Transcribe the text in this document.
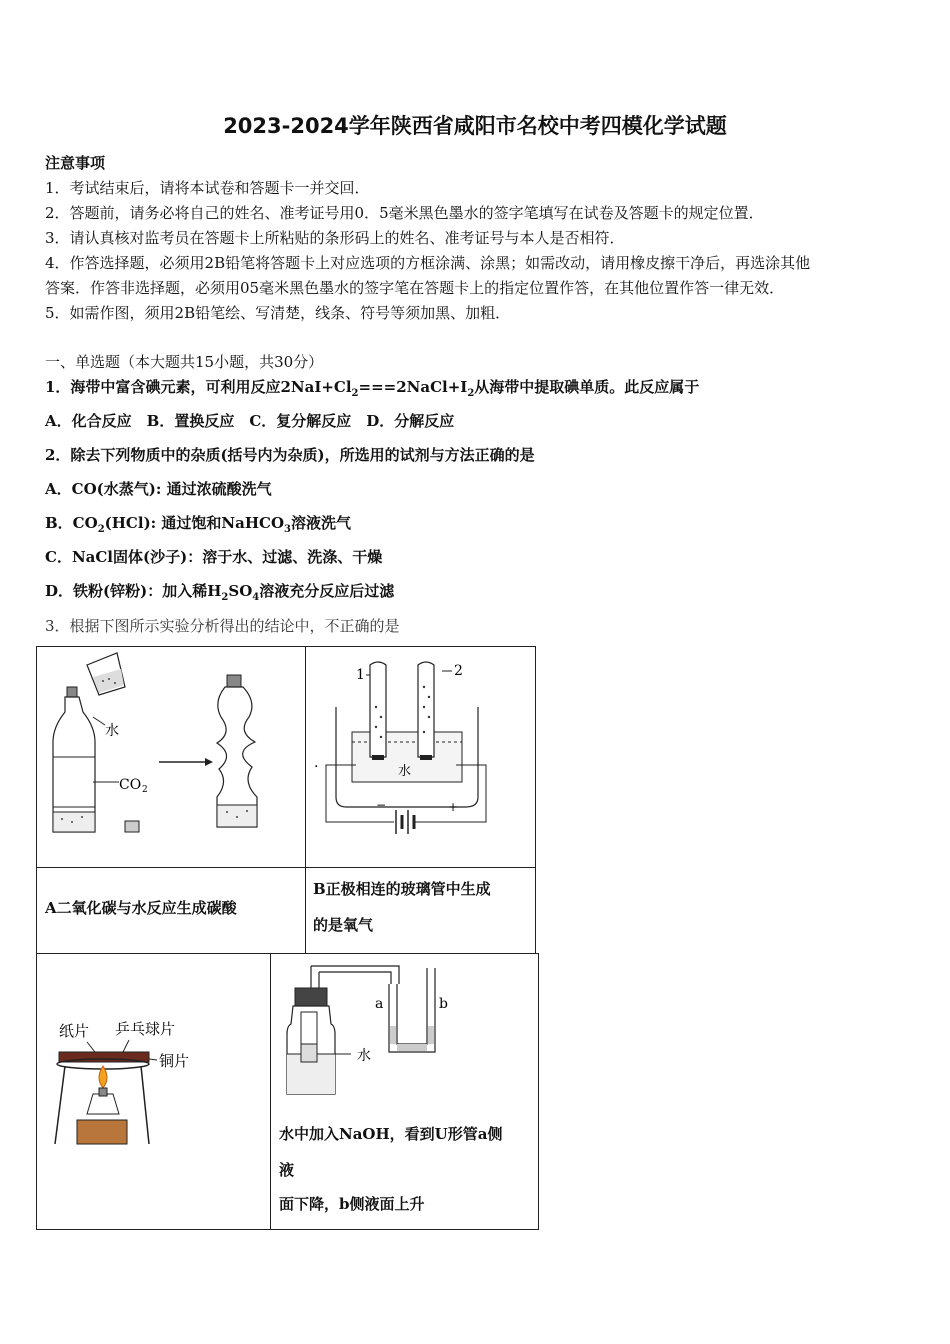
2023-2024学年陕西省咸阳市名校中考四模化学试题
注意事项
1．考试结束后，请将本试卷和答题卡一并交回．
2．答题前，请务必将自己的姓名、准考证号用0．5毫米黑色墨水的签字笔填写在试卷及答题卡的规定位置．
3．请认真核对监考员在答题卡上所粘贴的条形码上的姓名、准考证号与本人是否相符．
4．作答选择题，必须用2B铅笔将答题卡上对应选项的方框涂满、涂黑；如需改动，请用橡皮擦干净后，再选涂其他
答案．作答非选择题，必须用05毫米黑色墨水的签字笔在答题卡上的指定位置作答，在其他位置作答一律无效．
5．如需作图，须用2B铅笔绘、写清楚，线条、符号等须加黑、加粗．
一、单选题（本大题共15小题，共30分）
1．海带中富含碘元素，可利用反应$2NaI+Cl_2===2NaCl+I_2$从海带中提取碘单质。此反应属于
A．化合反应　B．置换反应　C．复分解反应　D．分解反应
2．除去下列物质中的杂质(括号内为杂质)，所选用的试剂与方法正确的是
A．CO(水蒸气): 通过浓硫酸洗气
B．$CO_2(HCl)$: 通过饱和NaHCO$_3$溶液洗气
C．NaCl固体(沙子)：溶于水、过滤、洗涤、干燥
D．铁粉(锌粉)：加入稀$H_2SO_4$溶液充分反应后过滤
3．根据下图所示实验分析得出的结论中，不正确的是
水
CO 2
.
1	2
水
−	+
A二氧化碳与水反应生成碳酸
B正极相连的玻璃管中生成
的是氧气
纸片 乒乓球片
铜片	水
a	b
水中加入NaOH，看到U形管a侧
液
面下降，b侧液面上升
